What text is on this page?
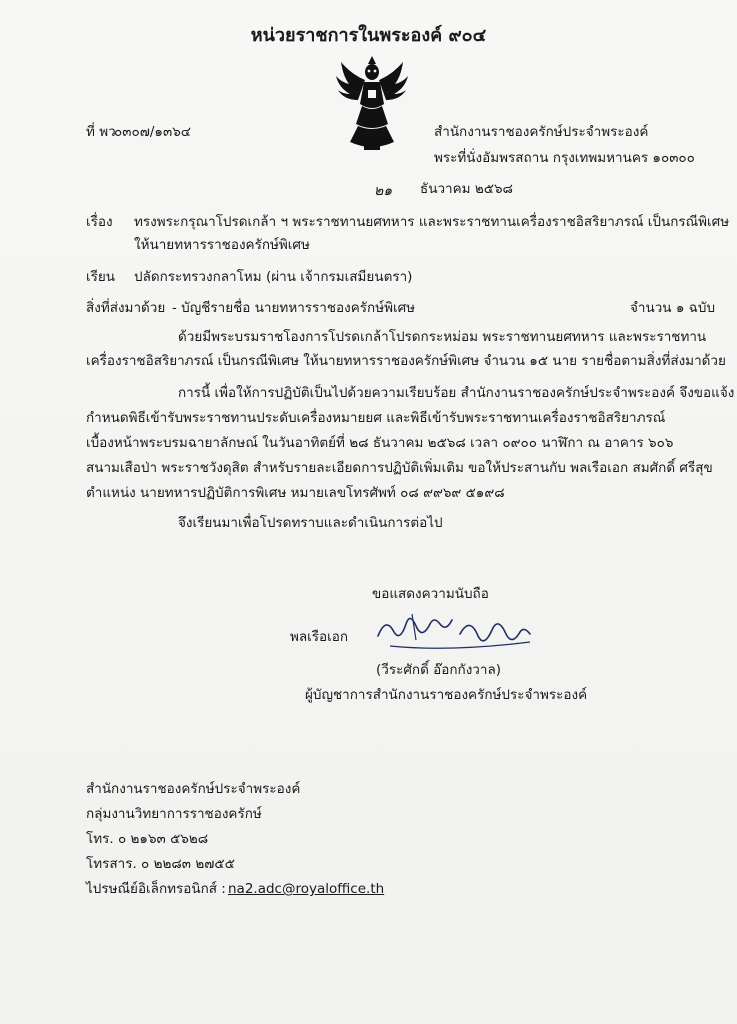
หน่วยราชการในพระองค์ ๙๐๔
ที่ พว
๐๓๐๗/๑๓๖๔	สำนักงานราชองครักษ์ประจำพระองค์
พระที่นั่งอัมพรสถาน กรุงเทพมหานคร ๑๐๓๐๐
๒๑ ธันวาคม ๒๕๖๘
เรื่อง ทรงพระกรุณาโปรดเกล้า ฯ พระราชทานยศทหาร และพระราชทานเครื่องราชอิสริยาภรณ์ เป็นกรณีพิเศษ
ให้นายทหารราชองครักษ์พิเศษ
เรียน ปลัดกระทรวงกลาโหม (ผ่าน เจ้ากรมเสมียนตรา)
สิ่งที่ส่งมาด้วย - บัญชีรายชื่อ นายทหารราชองครักษ์พิเศษ	จำนวน ๑ ฉบับ
ด้วยมีพระบรมราชโองการโปรดเกล้าโปรดกระหม่อม พระราชทานยศทหาร และพระราชทาน
เครื่องราชอิสริยาภรณ์ เป็นกรณีพิเศษ ให้นายทหารราชองครักษ์พิเศษ จำนวน ๑๕ นาย รายชื่อตามสิ่งที่ส่งมาด้วย
การนี้ เพื่อให้การปฏิบัติเป็นไปด้วยความเรียบร้อย สำนักงานราชองครักษ์ประจำพระองค์ จึงขอแจ้ง
กำหนดพิธีเข้ารับพระราชทานประดับเครื่องหมายยศ และพิธีเข้ารับพระราชทานเครื่องราชอิสริยาภรณ์
เบื้องหน้าพระบรมฉายาลักษณ์ ในวันอาทิตย์ที่ ๒๘ ธันวาคม ๒๕๖๘ เวลา ๐๙๐๐ นาฬิกา ณ อาคาร ๖๐๖
สนามเสือป่า พระราชวังดุสิต สำหรับรายละเอียดการปฏิบัติเพิ่มเติม ขอให้ประสานกับ พลเรือเอก สมศักดิ์ ศรีสุข
ตำแหน่ง นายทหารปฏิบัติการพิเศษ หมายเลขโทรศัพท์ ๐๘ ๙๙๖๙ ๕๑๙๘
จึงเรียนมาเพื่อโปรดทราบและดำเนินการต่อไป
ขอแสดงความนับถือ
พลเรือเอก
(วีระศักดิ์ อ๊อกกังวาล)
ผู้บัญชาการสำนักงานราชองครักษ์ประจำพระองค์
สำนักงานราชองครักษ์ประจำพระองค์
กลุ่มงานวิทยาการราชองครักษ์
โทร. ๐ ๒๑๖๓ ๕๖๒๘
โทรสาร. ๐ ๒๒๘๓ ๒๗๕๕
ไปรษณีย์อิเล็กทรอนิกส์ : na2.adc@royaloffice.th
